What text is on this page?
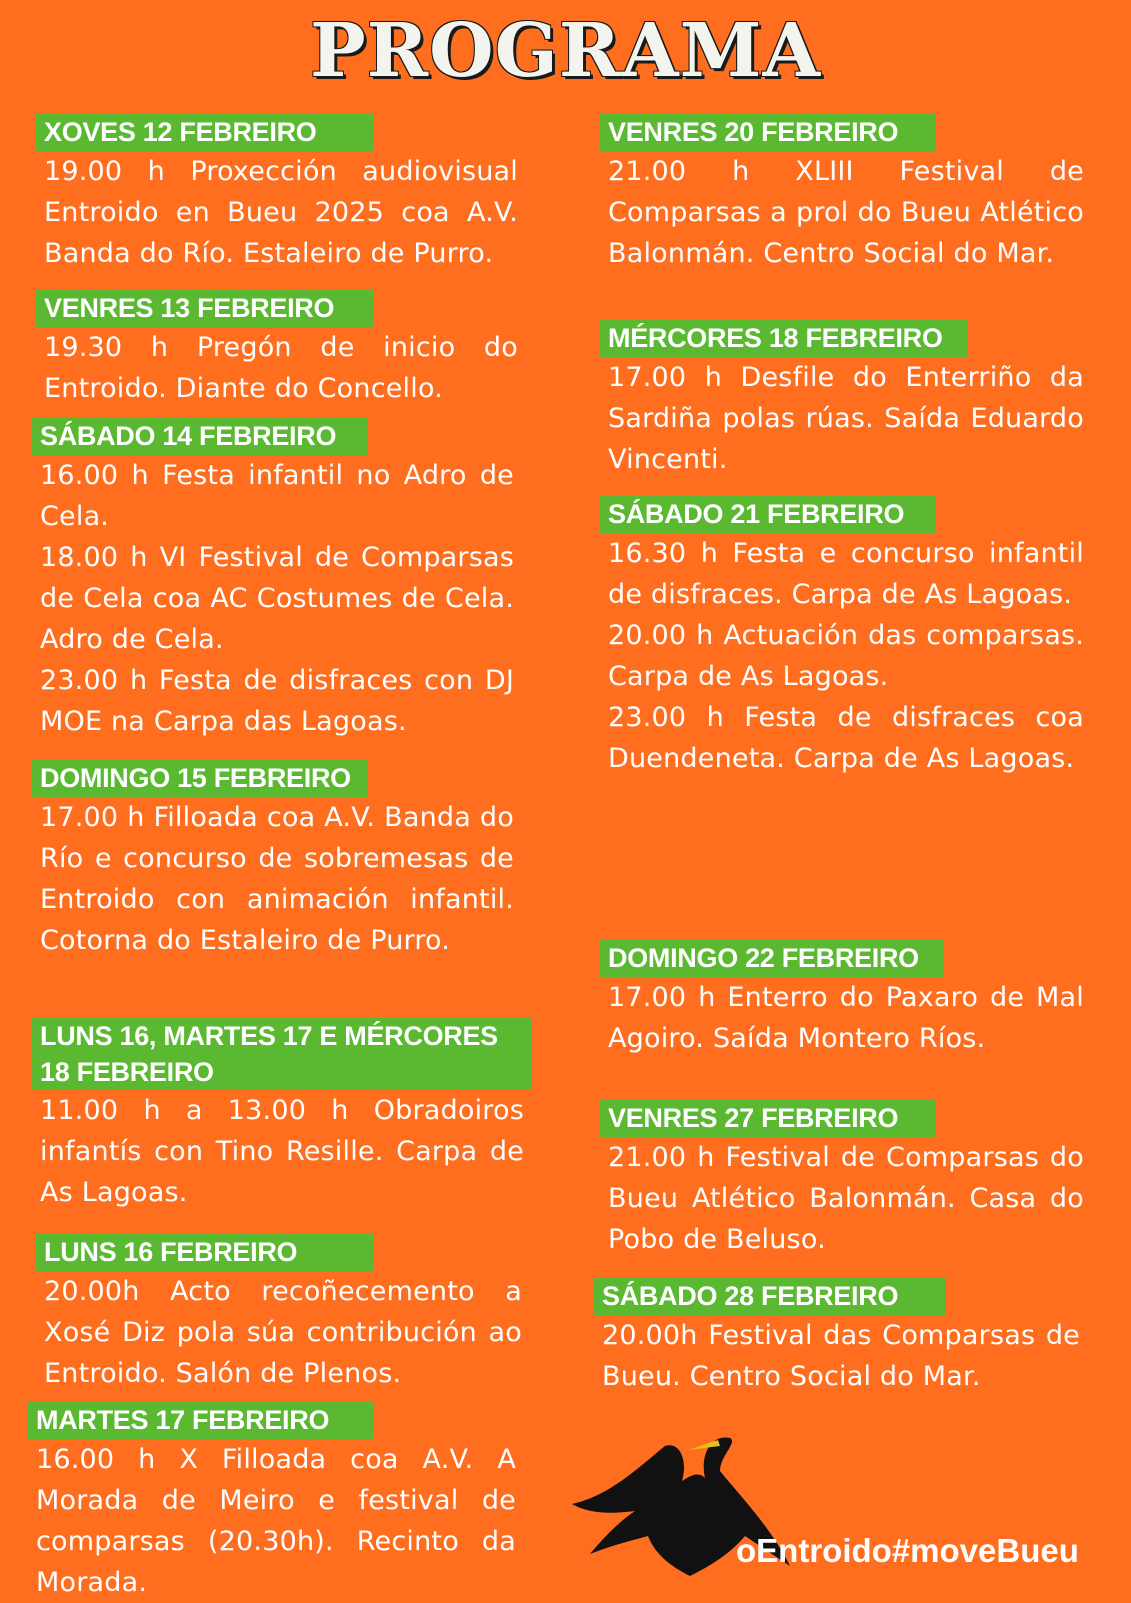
PROGRAMA
XOVES 12 FEBREIRO

19.00 h Proxección audiovisual Entroido en Bueu 2025 coa A.V. Banda do Río. Estaleiro de Purro.

VENRES 13 FEBREIRO

19.30 h Pregón de inicio do Entroido. Diante do Concello.

SÁBADO 14 FEBREIRO

16.00 h Festa infantil no Adro de Cela.

18.00 h VI Festival de Comparsas de Cela coa AC Costumes de Cela. Adro de Cela.

23.00 h Festa de disfraces con DJ MOE na Carpa das Lagoas.

DOMINGO 15 FEBREIRO

17.00 h Filloada coa A.V. Banda do Río e concurso de sobremesas de Entroido con animación infantil. Cotorna do Estaleiro de Purro.

LUNS 16, MARTES 17 E MÉRCORES 18 FEBREIRO

11.00 h a 13.00 h Obradoiros infantís con Tino Resille. Carpa de As Lagoas.

LUNS 16 FEBREIRO

20.00h Acto recoñecemento a Xosé Diz pola súa contribución ao Entroido. Salón de Plenos.

MARTES 17 FEBREIRO

16.00 h X Filloada coa A.V. A Morada de Meiro e festival de comparsas (20.30h). Recinto da Morada.

VENRES 20 FEBREIRO

21.00 h XLIII Festival de Comparsas a prol do Bueu Atlético Balonmán. Centro Social do Mar.

MÉRCORES 18 FEBREIRO

17.00 h Desfile do Enterriño da Sardiña polas rúas. Saída Eduardo Vincenti.

SÁBADO 21 FEBREIRO

16.30 h Festa e concurso infantil de disfraces. Carpa de As Lagoas.

20.00 h Actuación das comparsas. Carpa de As Lagoas.

23.00 h Festa de disfraces coa Duendeneta. Carpa de As Lagoas.

DOMINGO 22 FEBREIRO

17.00 h Enterro do Paxaro de Mal Agoiro. Saída Montero Ríos.

VENRES 27 FEBREIRO

21.00 h Festival de Comparsas do Bueu Atlético Balonmán. Casa do Pobo de Beluso.

SÁBADO 28 FEBREIRO

20.00h Festival das Comparsas de Bueu. Centro Social do Mar.

oEntroido#moveBueu
